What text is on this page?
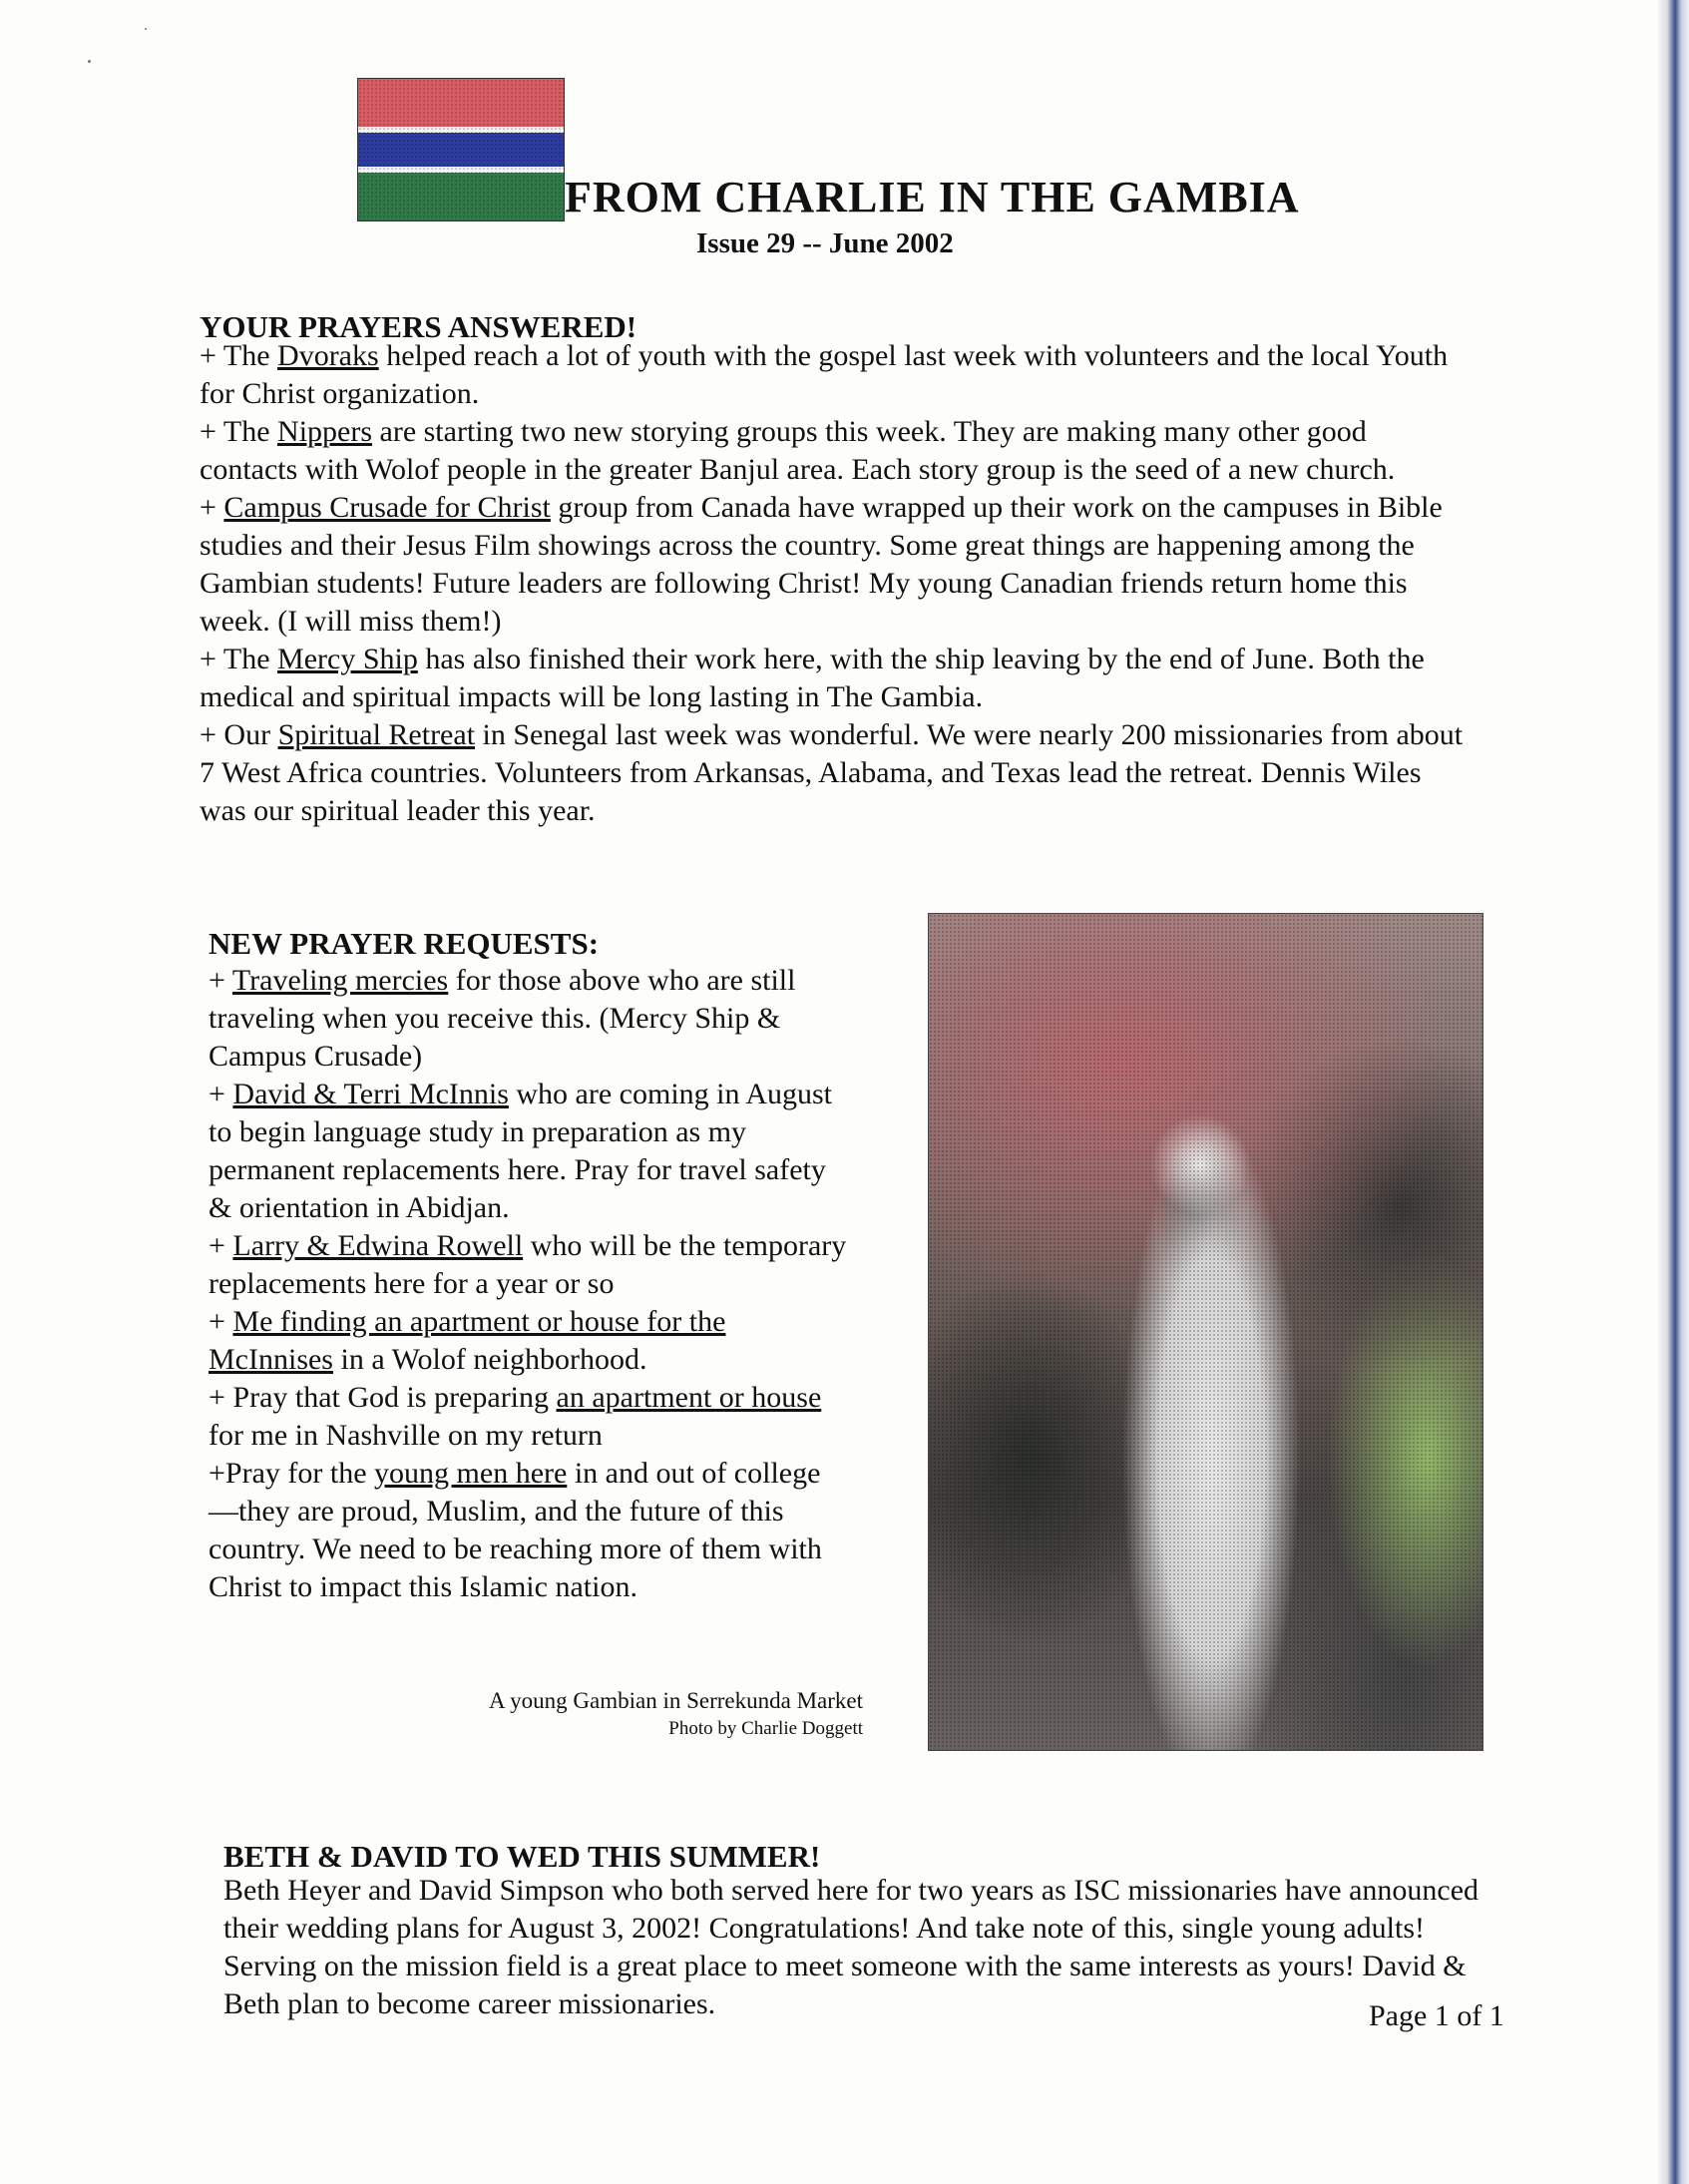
FROM CHARLIE IN THE GAMBIA
Issue 29 -- June 2002
YOUR PRAYERS ANSWERED!

+ The Dvoraks helped reach a lot of youth with the gospel last week with volunteers and the local Youth for Christ organization.

+ The Nippers are starting two new storying groups this week. They are making many other good contacts with Wolof people in the greater Banjul area. Each story group is the seed of a new church.

+ Campus Crusade for Christ group from Canada have wrapped up their work on the campuses in Bible studies and their Jesus Film showings across the country. Some great things are happening among the Gambian students! Future leaders are following Christ! My young Canadian friends return home this week. (I will miss them!)

+ The Mercy Ship has also finished their work here, with the ship leaving by the end of June. Both the medical and spiritual impacts will be long lasting in The Gambia.

+ Our Spiritual Retreat in Senegal last week was wonderful. We were nearly 200 missionaries from about 7 West Africa countries. Volunteers from Arkansas, Alabama, and Texas lead the retreat. Dennis Wiles was our spiritual leader this year.

NEW PRAYER REQUESTS:

+ Traveling mercies for those above who are still traveling when you receive this. (Mercy Ship & Campus Crusade)

+ David & Terri McInnis who are coming in August to begin language study in preparation as my permanent replacements here. Pray for travel safety & orientation in Abidjan.

+ Larry & Edwina Rowell who will be the temporary replacements here for a year or so

+ Me finding an apartment or house for the McInnises in a Wolof neighborhood.

+ Pray that God is preparing an apartment or house for me in Nashville on my return

+Pray for the young men here in and out of college—they are proud, Muslim, and the future of this country. We need to be reaching more of them with Christ to impact this Islamic nation.

A young Gambian in Serrekunda Market

Photo by Charlie Doggett

BETH & DAVID TO WED THIS SUMMER!

Beth Heyer and David Simpson who both served here for two years as ISC missionaries have announced their wedding plans for August 3, 2002! Congratulations! And take note of this, single young adults! Serving on the mission field is a great place to meet someone with the same interests as yours! David & Beth plan to become career missionaries.	Page 1 of 1
